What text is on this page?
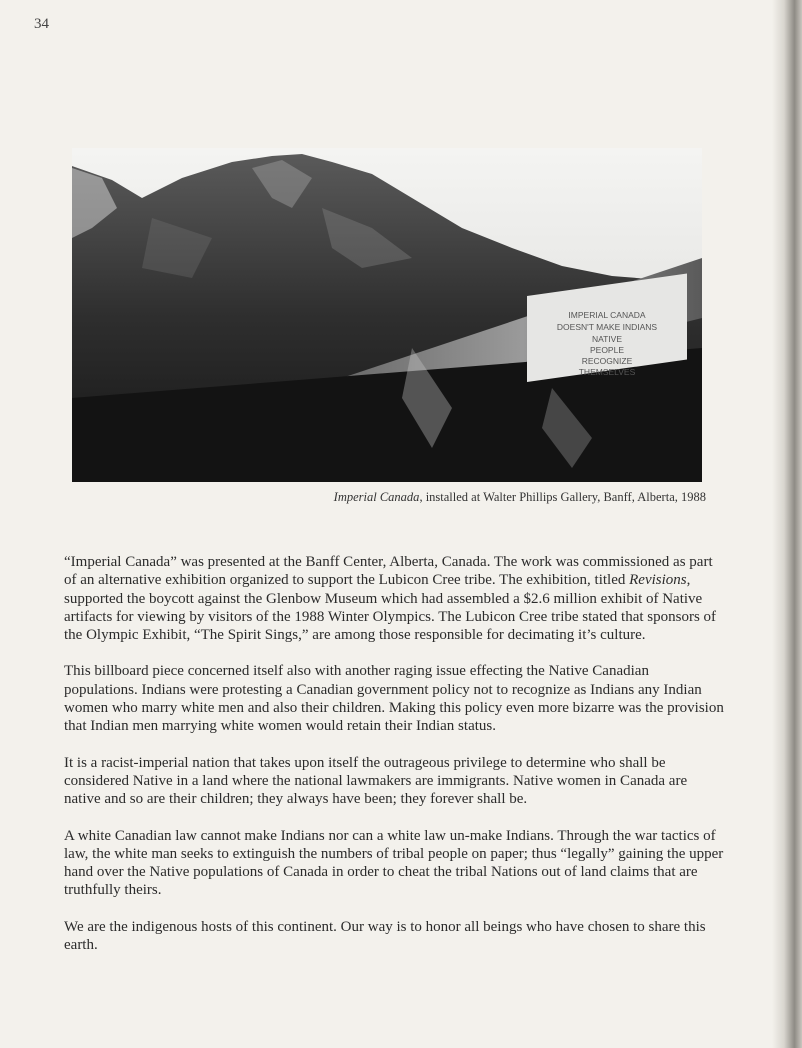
34
IMPERIAL CANADA
DOESN'T MAKE INDIANS
NATIVE
PEOPLE
RECOGNIZE
THEMSELVES
Imperial Canada, installed at Walter Phillips Gallery, Banff, Alberta, 1988

“Imperial Canada” was presented at the Banff Center, Alberta, Canada. The work was commissioned as part of an alternative exhibition organized to support the Lubicon Cree tribe. The exhibition, titled Revisions, supported the boycott against the Glenbow Museum which had assembled a $2.6 million exhibit of Native artifacts for viewing by visitors of the 1988 Winter Olympics. The Lubicon Cree tribe stated that sponsors of the Olympic Exhibit, “The Spirit Sings,” are among those responsible for decimating it’s culture.

This billboard piece concerned itself also with another raging issue effecting the Native Canadian populations. Indians were protesting a Canadian government policy not to recognize as Indians any Indian women who marry white men and also their children. Making this policy even more bizarre was the provision that Indian men marrying white women would retain their Indian status.

It is a racist-imperial nation that takes upon itself the outrageous privilege to determine who shall be considered Native in a land where the national lawmakers are immigrants. Native women in Canada are native and so are their children; they always have been; they forever shall be.

A white Canadian law cannot make Indians nor can a white law un-make Indians. Through the war tactics of law, the white man seeks to extinguish the numbers of tribal people on paper; thus “legally” gaining the upper hand over the Native populations of Canada in order to cheat the tribal Nations out of land claims that are truthfully theirs.

We are the indigenous hosts of this continent. Our way is to honor all beings who have chosen to share this earth.
